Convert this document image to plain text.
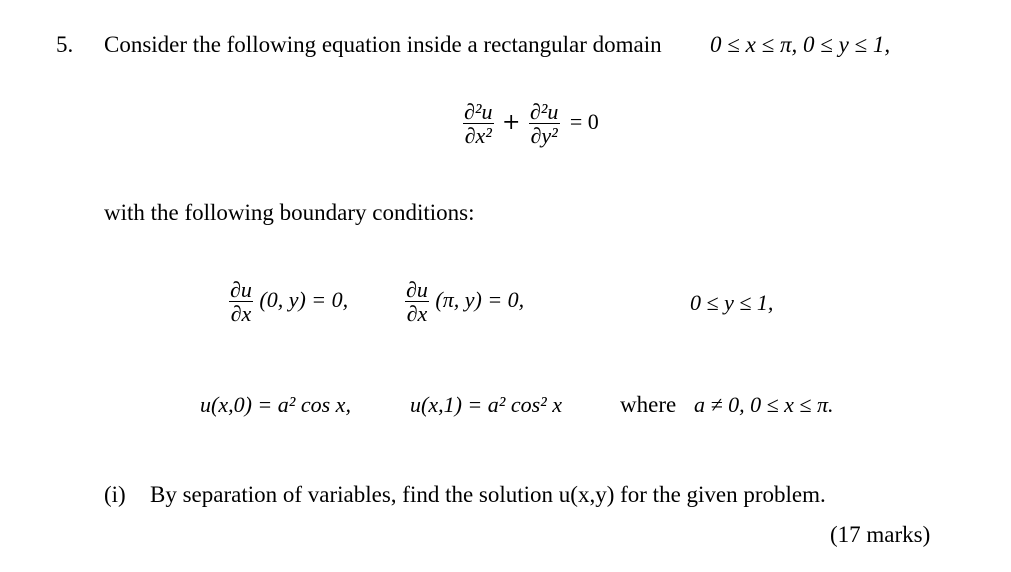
5. Consider the following equation inside a rectangular domain 0 ≤ x ≤ π, 0 ≤ y ≤ 1,
$\frac{\text{∂²u}}{\text{∂x²}} + \frac{\text{∂²u}}{\text{∂y²}} = 0$
with the following boundary conditions:
$\frac{\partial u}{\partial x} (0$, y) = 0,	$\frac{\partial u}{\partial x} (\pi$, y) = 0,	0 ≤ y ≤ 1,
u(x,0) = a² cos x,	u(x,1) = a² cos² x	where a ≠ 0, 0 ≤ x ≤ π.
(i) By separation of variables, find the solution u(x,y) for the given problem.
(17 marks)
